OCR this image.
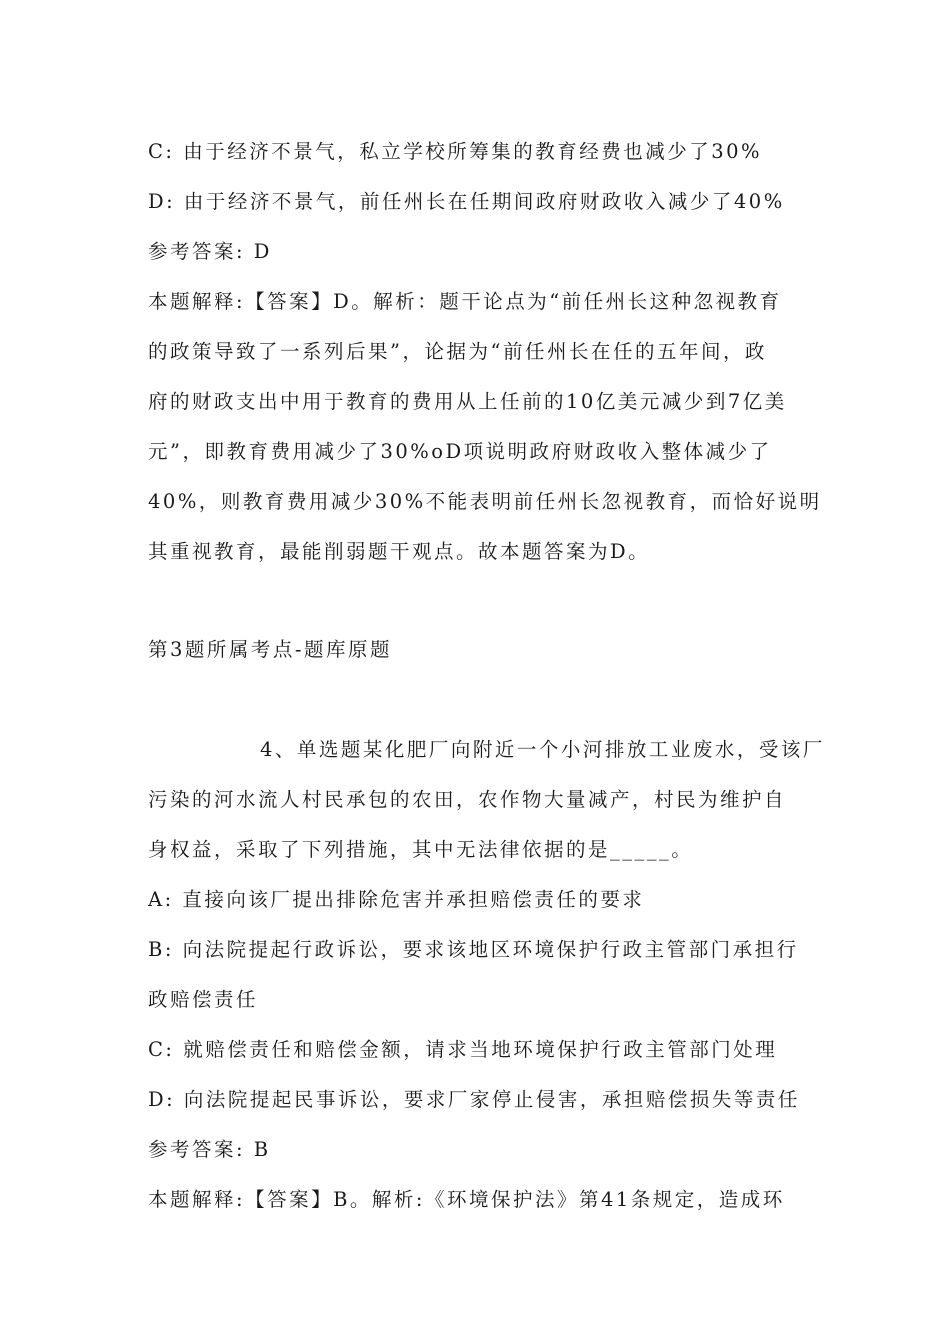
C: 由于经济不景气，私立学校所筹集的教育经费也减少了30%

D: 由于经济不景气，前任州长在任期间政府财政收入减少了40%

参考答案: D

本题解释:【答案】D。解析：题干论点为“前任州长这种忽视教育

的政策导致了一系列后果”，论据为“前任州长在任的五年间，政

府的财政支出中用于教育的费用从上任前的10亿美元减少到7亿美

元”，即教育费用减少了30%oD项说明政府财政收入整体减少了

40%，则教育费用减少30%不能表明前任州长忽视教育，而恰好说明

其重视教育，最能削弱题干观点。故本题答案为D。

第3题所属考点-题库原题

4、单选题某化肥厂向附近一个小河排放工业废水，受该厂

污染的河水流人村民承包的农田，农作物大量减产，村民为维护自

身权益，采取了下列措施，其中无法律依据的是_____。

A: 直接向该厂提出排除危害并承担赔偿责任的要求

B: 向法院提起行政诉讼，要求该地区环境保护行政主管部门承担行

政赔偿责任

C: 就赔偿责任和赔偿金额，请求当地环境保护行政主管部门处理

D: 向法院提起民事诉讼，要求厂家停止侵害，承担赔偿损失等责任

参考答案: B

本题解释:【答案】B。解析:《环境保护法》第41条规定，造成环
